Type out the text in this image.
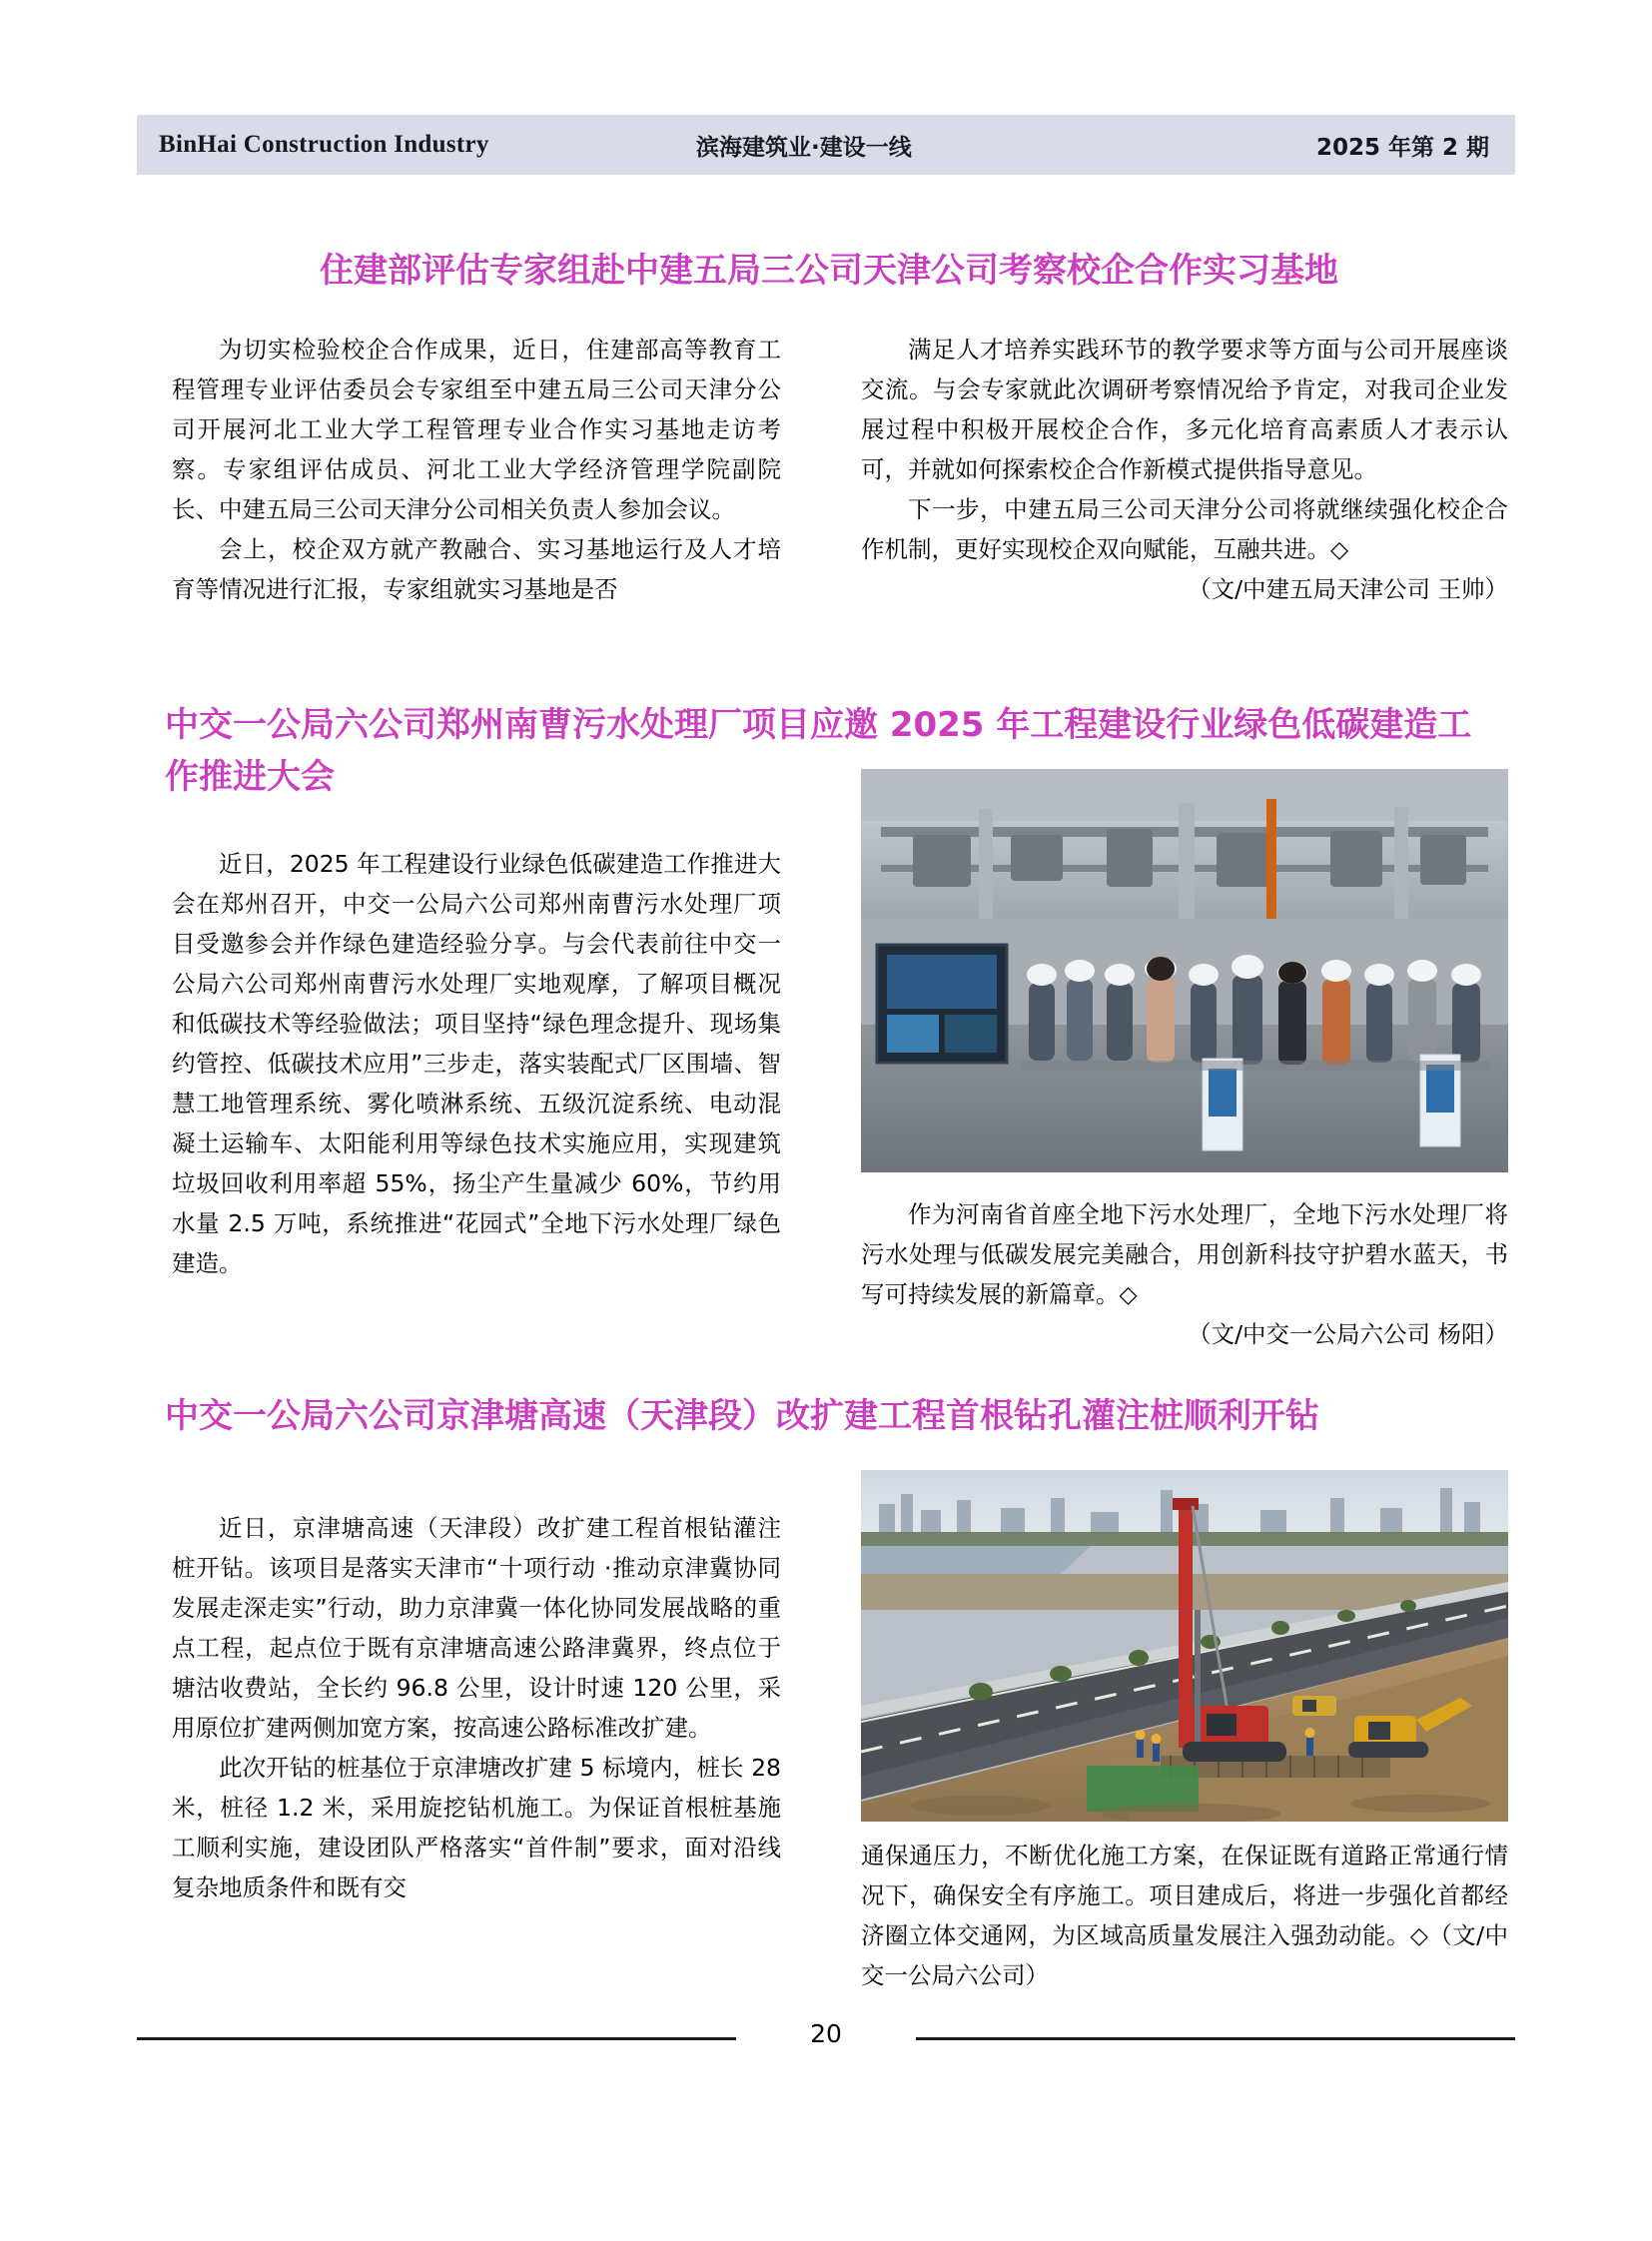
BinHai Construction Industry	滨海建筑业·建设一线	2025 年第 2 期
住建部评估专家组赴中建五局三公司天津公司考察校企合作实习基地

为切实检验校企合作成果，近日，住建部高等教育工程管理专业评估委员会专家组至中建五局三公司天津分公司开展河北工业大学工程管理专业合作实习基地走访考察。专家组评估成员、河北工业大学经济管理学院副院长、中建五局三公司天津分公司相关负责人参加会议。

会上，校企双方就产教融合、实习基地运行及人才培育等情况进行汇报，专家组就实习基地是否

满足人才培养实践环节的教学要求等方面与公司开展座谈交流。与会专家就此次调研考察情况给予肯定，对我司企业发展过程中积极开展校企合作，多元化培育高素质人才表示认可，并就如何探索校企合作新模式提供指导意见。

下一步，中建五局三公司天津分公司将就继续强化校企合作机制，更好实现校企双向赋能，互融共进。◇

（文/中建五局天津公司 王帅）

中交一公局六公司郑州南曹污水处理厂项目应邀 2025 年工程建设行业绿色低碳建造工作推进大会

近日，2025 年工程建设行业绿色低碳建造工作推进大会在郑州召开，中交一公局六公司郑州南曹污水处理厂项目受邀参会并作绿色建造经验分享。与会代表前往中交一公局六公司郑州南曹污水处理厂实地观摩，了解项目概况和低碳技术等经验做法；项目坚持“绿色理念提升、现场集约管控、低碳技术应用”三步走，落实装配式厂区围墙、智慧工地管理系统、雾化喷淋系统、五级沉淀系统、电动混凝土运输车、太阳能利用等绿色技术实施应用，实现建筑垃圾回收利用率超 55%，扬尘产生量减少 60%，节约用水量 2.5 万吨，系统推进“花园式”全地下污水处理厂绿色建造。

作为河南省首座全地下污水处理厂，全地下污水处理厂将污水处理与低碳发展完美融合，用创新科技守护碧水蓝天，书写可持续发展的新篇章。◇

（文/中交一公局六公司 杨阳）

中交一公局六公司京津塘高速（天津段）改扩建工程首根钻孔灌注桩顺利开钻

近日，京津塘高速（天津段）改扩建工程首根钻灌注桩开钻。该项目是落实天津市“十项行动 ·推动京津冀协同发展走深走实”行动，助力京津冀一体化协同发展战略的重点工程，起点位于既有京津塘高速公路津冀界，终点位于塘沽收费站，全长约 96.8 公里，设计时速 120 公里，采用原位扩建两侧加宽方案，按高速公路标准改扩建。

此次开钻的桩基位于京津塘改扩建 5 标境内，桩长 28 米，桩径 1.2 米，采用旋挖钻机施工。为保证首根桩基施工顺利实施，建设团队严格落实“首件制”要求，面对沿线复杂地质条件和既有交

通保通压力，不断优化施工方案，在保证既有道路正常通行情况下，确保安全有序施工。项目建成后，将进一步强化首都经济圈立体交通网，为区域高质量发展注入强劲动能。◇（文/中交一公局六公司）

20
